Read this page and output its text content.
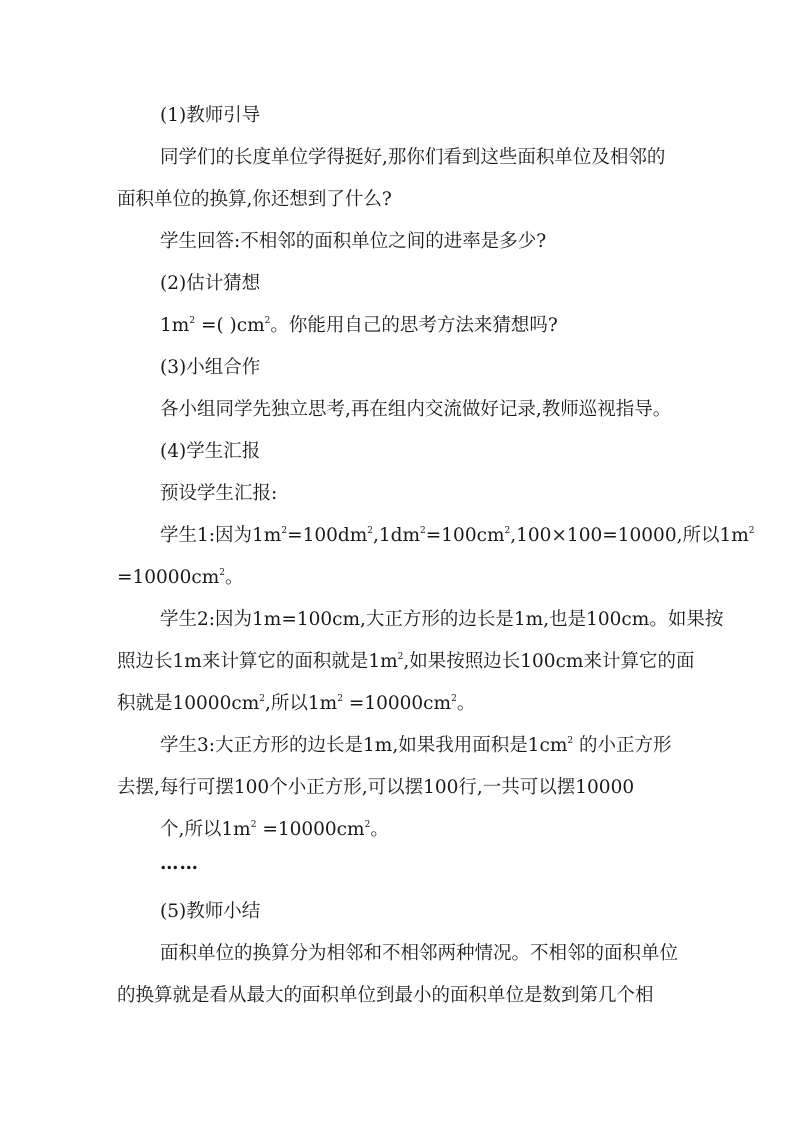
(1)教师引导
同学们的长度单位学得挺好,那你们看到这些面积单位及相邻的
面积单位的换算,你还想到了什么?
学生回答:不相邻的面积单位之间的进率是多少?
(2)估计猜想
$1m^2$ =( )$cm^2$。你能用自己的思考方法来猜想吗?
(3)小组合作
各小组同学先独立思考,再在组内交流做好记录,教师巡视指导。
(4)学生汇报
预设学生汇报:
学生1:因为$1m^2=100dm^2,1dm^2=100cm^2,100\times 100=10000$,所以$1m^2$
$=10000cm^2$。
学生2:因为1m=100cm,大正方形的边长是1m,也是100cm。如果按
照边长1m来计算它的面积就是$1m^2$,如果按照边长100cm来计算它的面
积就是$10000cm^2$,所以$1m^2 =10000cm^2$。
学生3:大正方形的边长是1m,如果我用面积是$1cm^2$ 的小正方形
去摆,每行可摆100个小正方形,可以摆100行,一共可以摆10000
个,所以$1m^2 =10000cm^2$。
……
(5)教师小结
面积单位的换算分为相邻和不相邻两种情况。不相邻的面积单位
的换算就是看从最大的面积单位到最小的面积单位是数到第几个相
